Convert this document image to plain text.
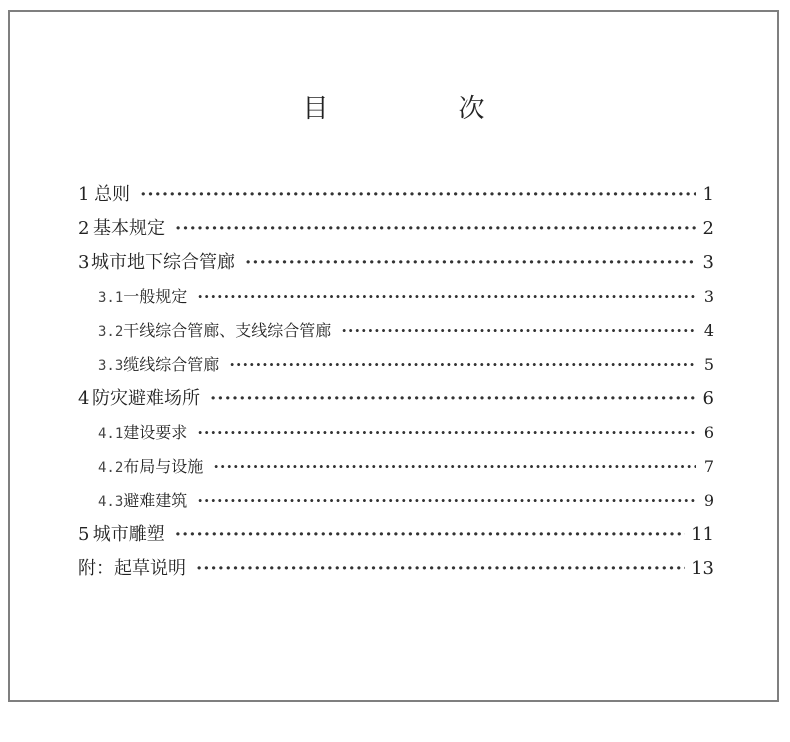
目　次
1 总则 ·····	1
2 基本规定 ·····	2
3 城市地下综合管廊 ·····	3
3.1 一般规定 ·····	3
3.2 干线综合管廊、支线综合管廊 ·····	4
3.3 缆线综合管廊 ·····	5
4 防灾避难场所 ·····	6
4.1 建设要求 ·····	6
4.2 布局与设施 ·····	7
4.3 避难建筑 ·····	9
5 城市雕塑 ·····	11
附：起草说明 ·····	13
